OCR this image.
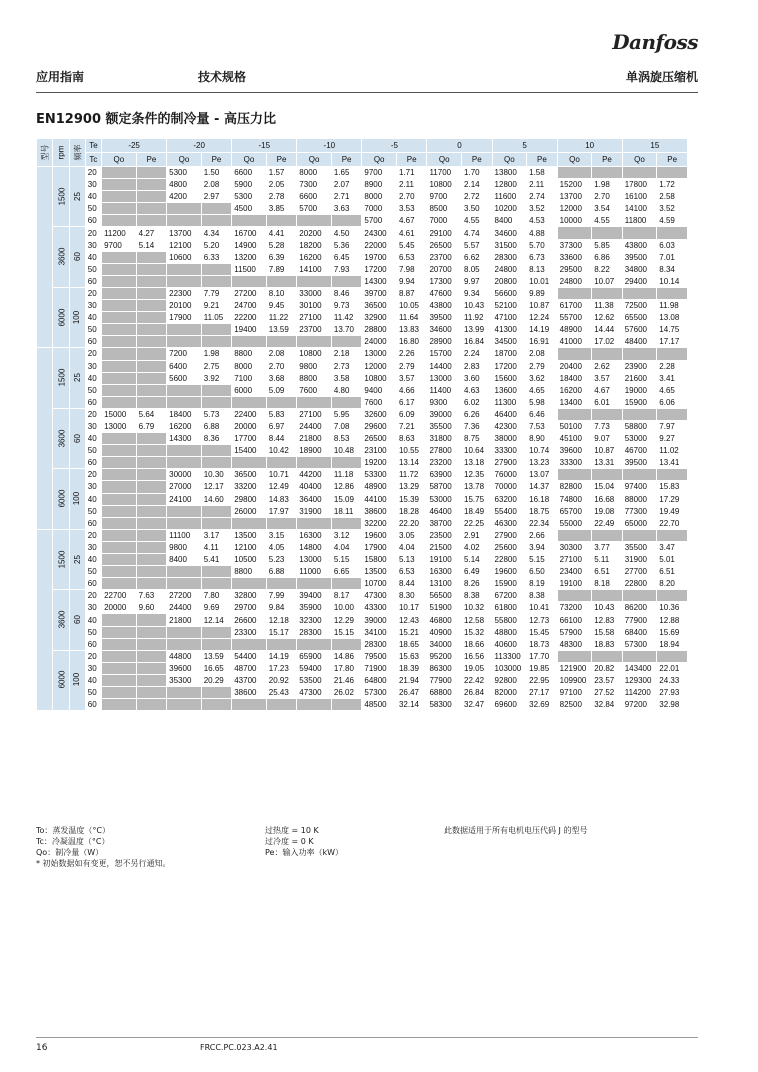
Danfoss
应用指南	技术规格	单涡旋压缩机
EN12900 额定条件的制冷量 - 高压力比
型号	rpm	频率	Te	-25		-20		-15		-10		-5		0		5		10		15	
			Tc	Qo	Pe	Qo	Pe	Qo	Pe	Qo	Pe	Qo	Pe	Qo	Pe	Qo	Pe	Qo	Pe	Qo	Pe
	1500	25	20			5300	1.50	6600	1.57	8000	1.65	9700	1.71	11700	1.70	13800	1.58				
			30			4800	2.08	5900	2.05	7300	2.07	8900	2.11	10800	2.14	12800	2.11	15200	1.98	17800	1.72
			40			4200	2.97	5300	2.78	6600	2.71	8000	2.70	9700	2.72	11600	2.74	13700	2.70	16100	2.58
			50					4500	3.85	5700	3.63	7000	3.53	8500	3.50	10200	3.52	12000	3.54	14100	3.52
			60									5700	4.67	7000	4.55	8400	4.53	10000	4.55	11800	4.59
	3600	60	20	11200	4.27	13700	4.34	16700	4.41	20200	4.50	24300	4.61	29100	4.74	34600	4.88				
			30	9700	5.14	12100	5.20	14900	5.28	18200	5.36	22000	5.45	26500	5.57	31500	5.70	37300	5.85	43800	6.03
			40			10600	6.33	13200	6.39	16200	6.45	19700	6.53	23700	6.62	28300	6.73	33600	6.86	39500	7.01
			50					11500	7.89	14100	7.93	17200	7.98	20700	8.05	24800	8.13	29500	8.22	34800	8.34
			60									14300	9.94	17300	9.97	20800	10.01	24800	10.07	29400	10.14
	6000	100	20			22300	7.79	27200	8.10	33000	8.46	39700	8.87	47600	9.34	56600	9.89				
			30			20100	9.21	24700	9.45	30100	9.73	36500	10.05	43800	10.43	52100	10.87	61700	11.38	72500	11.98
			40			17900	11.05	22200	11.22	27100	11.42	32900	11.64	39500	11.92	47100	12.24	55700	12.62	65500	13.08
			50					19400	13.59	23700	13.70	28800	13.83	34600	13.99	41300	14.19	48900	14.44	57600	14.75
			60									24000	16.80	28900	16.84	34500	16.91	41000	17.02	48400	17.17
	1500	25	20			7200	1.98	8800	2.08	10800	2.18	13000	2.26	15700	2.24	18700	2.08				
			30			6400	2.75	8000	2.70	9800	2.73	12000	2.79	14400	2.83	17200	2.79	20400	2.62	23900	2.28
			40			5600	3.92	7100	3.68	8800	3.58	10800	3.57	13000	3.60	15600	3.62	18400	3.57	21600	3.41
			50					6000	5.09	7600	4.80	9400	4.66	11400	4.63	13600	4.65	16200	4.67	19000	4.65
			60									7600	6.17	9300	6.02	11300	5.98	13400	6.01	15900	6.06
	3600	60	20	15000	5.64	18400	5.73	22400	5.83	27100	5.95	32600	6.09	39000	6.26	46400	6.46				
			30	13000	6.79	16200	6.88	20000	6.97	24400	7.08	29600	7.21	35500	7.36	42300	7.53	50100	7.73	58800	7.97
			40			14300	8.36	17700	8.44	21800	8.53	26500	8.63	31800	8.75	38000	8.90	45100	9.07	53000	9.27
			50					15400	10.42	18900	10.48	23100	10.55	27800	10.64	33300	10.74	39600	10.87	46700	11.02
			60									19200	13.14	23200	13.18	27900	13.23	33300	13.31	39500	13.41
	6000	100	20			30000	10.30	36500	10.71	44200	11.18	53300	11.72	63900	12.35	76000	13.07				
			30			27000	12.17	33200	12.49	40400	12.86	48900	13.29	58700	13.78	70000	14.37	82800	15.04	97400	15.83
			40			24100	14.60	29800	14.83	36400	15.09	44100	15.39	53000	15.75	63200	16.18	74800	16.68	88000	17.29
			50					26000	17.97	31900	18.11	38600	18.28	46400	18.49	55400	18.75	65700	19.08	77300	19.49
			60									32200	22.20	38700	22.25	46300	22.34	55000	22.49	65000	22.70
	1500	25	20			11100	3.17	13500	3.15	16300	3.12	19600	3.05	23500	2.91	27900	2.66				
			30			9800	4.11	12100	4.05	14800	4.04	17900	4.04	21500	4.02	25600	3.94	30300	3.77	35500	3.47
			40			8400	5.41	10500	5.23	13000	5.15	15800	5.13	19100	5.14	22800	5.15	27100	5.11	31900	5.01
			50					8800	6.88	11000	6.65	13500	6.53	16300	6.49	19600	6.50	23400	6.51	27700	6.51
			60									10700	8.44	13100	8.26	15900	8.19	19100	8.18	22800	8.20
	3600	60	20	22700	7.63	27200	7.80	32800	7.99	39400	8.17	47300	8.30	56500	8.38	67200	8.38				
			30	20000	9.60	24400	9.69	29700	9.84	35900	10.00	43300	10.17	51900	10.32	61800	10.41	73200	10.43	86200	10.36
			40			21800	12.14	26600	12.18	32300	12.29	39000	12.43	46800	12.58	55800	12.73	66100	12.83	77900	12.88
			50					23300	15.17	28300	15.15	34100	15.21	40900	15.32	48800	15.45	57900	15.58	68400	15.69
			60									28300	18.65	34000	18.66	40600	18.73	48300	18.83	57300	18.94
	6000	100	20			44800	13.59	54400	14.19	65900	14.86	79500	15.63	95200	16.56	113300	17.70				
			30			39600	16.65	48700	17.23	59400	17.80	71900	18.39	86300	19.05	103000	19.85	121900	20.82	143400	22.01
			40			35300	20.29	43700	20.92	53500	21.46	64800	21.94	77900	22.42	92800	22.95	109900	23.57	129300	24.33
			50					38600	25.43	47300	26.02	57300	26.47	68800	26.84	82000	27.17	97100	27.52	114200	27.93
			60									48500	32.14	58300	32.47	69600	32.69	82500	32.84	97200	32.98
To：蒸发温度（°C）
Tc：冷凝温度（°C）
Qo：制冷量（W）
* 初始数据如有变更，恕不另行通知。
过热度 = 10 K
过冷度 = 0 K
Pe：输入功率（kW）
此数据适用于所有电机电压代码 J 的型号
16	FRCC.PC.023.A2.41
